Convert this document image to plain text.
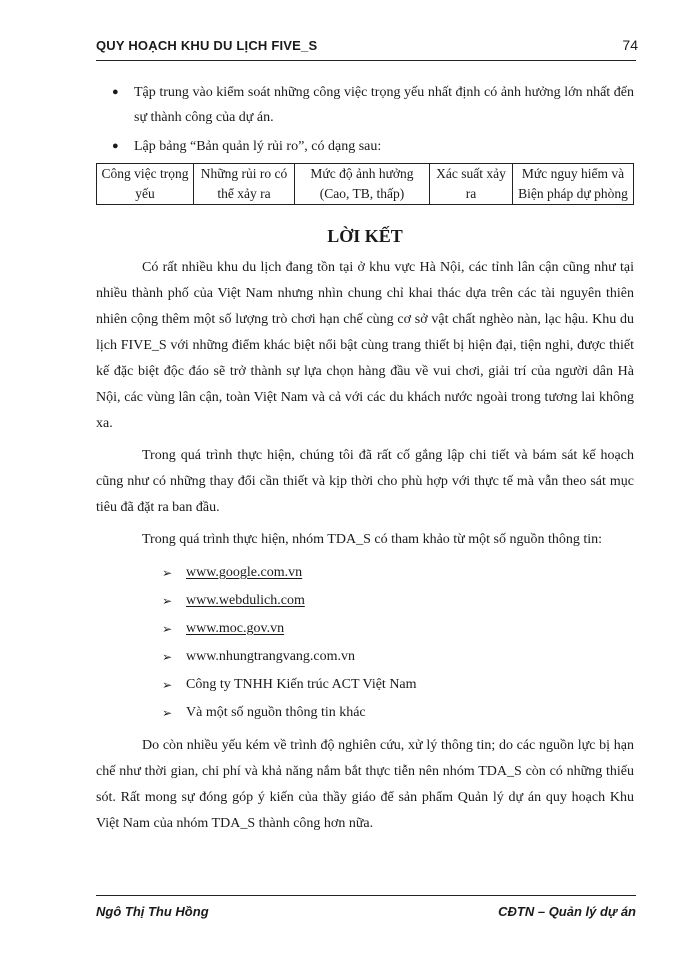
QUY HOẠCH KHU DU LỊCH FIVE_S	74
● Tập trung vào kiểm soát những công việc trọng yếu nhất định có ảnh hưởng lớn nhất đến sự thành công của dự án.
● Lập bảng “Bản quản lý rủi ro”, có dạng sau:
Công việc trọng yếu	Những rủi ro có thể xảy ra	Mức độ ảnh hưởng (Cao, TB, thấp)	Xác suất xảy ra	Mức nguy hiểm và Biện pháp dự phòng
LỜI KẾT

Có rất nhiều khu du lịch đang tồn tại ở khu vực Hà Nội, các tỉnh lân cận cũng như tại nhiều thành phố của Việt Nam nhưng nhìn chung chỉ khai thác dựa trên các tài nguyên thiên nhiên cộng thêm một số lượng trò chơi hạn chế cùng cơ sở vật chất nghèo nàn, lạc hậu. Khu du lịch FIVE_S với những điểm khác biệt nổi bật cùng trang thiết bị hiện đại, tiện nghi, được thiết kế đặc biệt độc đáo sẽ trở thành sự lựa chọn hàng đầu về vui chơi, giải trí của người dân Hà Nội, các vùng lân cận, toàn Việt Nam và cả với các du khách nước ngoài trong tương lai không xa.

Trong quá trình thực hiện, chúng tôi đã rất cố gắng lập chi tiết và bám sát kế hoạch cũng như có những thay đổi cần thiết và kịp thời cho phù hợp với thực tế mà vẫn theo sát mục tiêu đã đặt ra ban đầu.

Trong quá trình thực hiện, nhóm TDA_S có tham khảo từ một số nguồn thông tin:

➢ www.google.com.vn
➢ www.webdulich.com
➢ www.moc.gov.vn
➢ www.nhungtrangvang.com.vn
➢ Công ty TNHH Kiến trúc ACT Việt Nam
➢ Và một số nguồn thông tin khác

Do còn nhiều yếu kém về trình độ nghiên cứu, xử lý thông tin; do các nguồn lực bị hạn chế như thời gian, chi phí và khả năng nắm bắt thực tiễn nên nhóm TDA_S còn có những thiếu sót. Rất mong sự đóng góp ý kiến của thầy giáo để sản phẩm Quản lý dự án quy hoạch Khu Việt Nam của nhóm TDA_S thành công hơn nữa.

Ngô Thị Thu Hồng	CĐTN – Quản lý dự án
